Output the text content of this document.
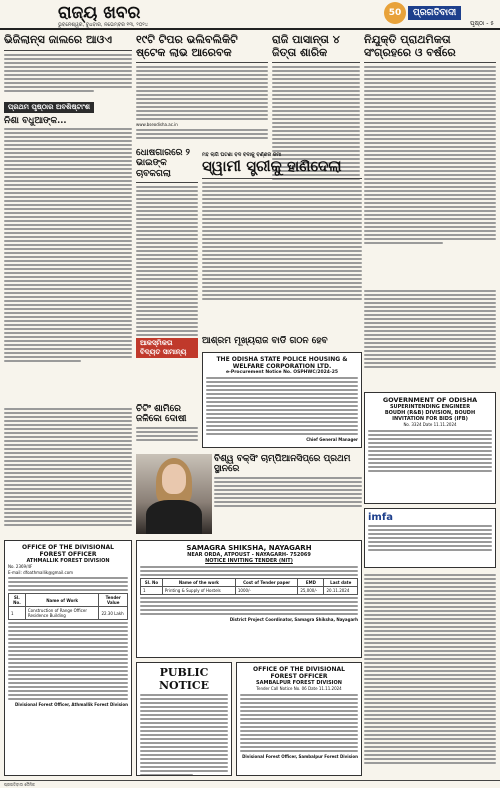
ରାଜ୍ୟ ଖବର
ଭୁବନେଶ୍ୱର, ବୁଧବାର, ନଭେମ୍ବର ୧୩, ୨୦୨୪
50	ପ୍ରଗତିବାଦୀ
ପୃଷ୍ଠା - ୫
ଭିଜିଲାନ୍ସ ଜାଲରେ ଆଓଏ
ପ୍ରଥମ ପୃଷ୍ଠାର ଅବଶିଷ୍ଟାଂଶ
ନିଶା ବଧୁଆଙ୍କ...
OFFICE OF THE DIVISIONAL FOREST OFFICER
ATHMALLIK FOREST DIVISION
No. 2369/4F
E-mail: dfoathmallik@gmail.com
Sl. No.	Name of Work	Tender Value
1	Construction of Range Officer Residence Building	22.30 Lakh
Divisional Forest Officer, Athmallik Forest Division
୧୯ଟି ଟିପର ଭଲିବଲିକିଟି ଷ୍ଟେକ ଲାଭ ଆରେବକ
www.bseodisha.ac.in
ରାଜି ପାସାନ୍ତା ୪ ଜିତ୍ତା ଶାରିକ
ନିଯୁକ୍ତି ପ୍ରାଥମିକତା ସଂଗ୍ରହରେ ଓ ବର୍ଷରେ
ଧୋଷଗାରରେ ୨ ଭାଇଙ୍କ ଚାବକଗଲା
ଆକସ୍ମିକତା ବିଦ୍ୟତ ସାମାନ୍ୟ
ମହ ଲାଗି ଘଟଣା ବଦ ବଦାକୁ ବର୍ଣ୍ଣର ଜମା
ସ୍ୱାମୀ ସ୍ତ୍ରୀକୁ ହାଣିଦେଲା
ଆଶ୍ରମ ମୂଖ୍ୟରାଜ ବାର୍ଡି ଗଠନ ହେବ
THE ODISHA STATE POLICE HOUSING & WELFARE CORPORATION LTD.
e-Procurement Notice No. OSPHWC/2024-25
Chief General Manager
ଚିଟିଂ ଶାମିରେ ଜଳିକୋ ଦୋଷୀ
ବିଶ୍ୱ ବକ୍ସିଂ ଚାମ୍ପିଆନସିପ୍ରେ ପ୍ରଥମ ସ୍ଥାନରେ
SAMAGRA SHIKSHA, NAYAGARH
NEAR ORDA, ATPOUST - NAYAGARH- 752069
NOTICE INVITING TENDER (NIT)
Sl. No	Name of the work	Cost of Tender paper	EMD	Last date
1	Printing & Supply of Hostels	1000/-	25,000/-	20.11.2024
District Project Coordinator, Samagra Shiksha, Nayagarh
PUBLIC NOTICE
OFFICE OF THE DIVISIONAL FOREST OFFICER
SAMBALPUR FOREST DIVISION
Tender Call Notice No. 06 Date 11.11.2024
Divisional Forest Officer, Sambalpur Forest Division
GOVERNMENT OF ODISHA
SUPERINTENDING ENGINEER
BOUDH (R&B) DIVISION, BOUDH
INVITATION FOR BIDS (IFB)
No. 3324 Date 11.11.2024
imfa
ପ୍ରଗତିବାଦୀ ଦୈନିକ
